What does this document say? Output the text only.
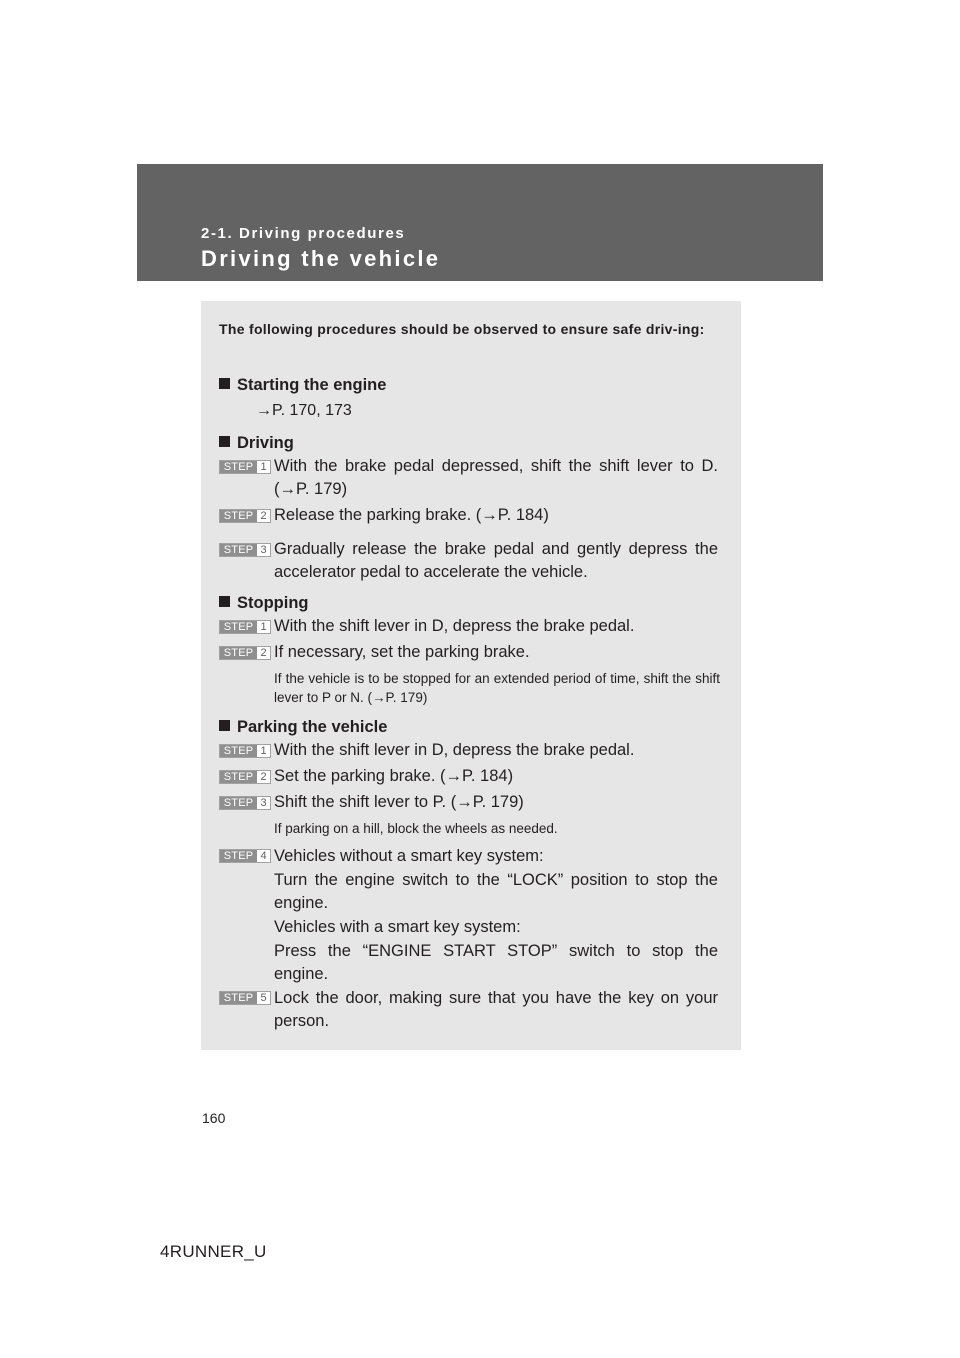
2-1. Driving procedures
Driving the vehicle

The following procedures should be observed to ensure safe driv-ing:

Starting the engine
→P. 170, 173
Driving
STEP 1 With the brake pedal depressed, shift the shift lever to D. (→P. 179)

STEP 2 Release the parking brake. (→P. 184)

STEP 3 Gradually release the brake pedal and gently depress the accelerator pedal to accelerate the vehicle.

Stopping
STEP 1 With the shift lever in D, depress the brake pedal.

STEP 2 If necessary, set the parking brake.

If the vehicle is to be stopped for an extended period of time, shift the shift lever to P or N. (→P. 179)

Parking the vehicle
STEP 1 With the shift lever in D, depress the brake pedal.

STEP 2 Set the parking brake. (→P. 184)

STEP 3 Shift the shift lever to P. (→P. 179)

If parking on a hill, block the wheels as needed.

STEP 4 Vehicles without a smart key system:

Turn the engine switch to the “LOCK” position to stop the engine.

Vehicles with a smart key system:

Press the “ENGINE START STOP” switch to stop the engine.

STEP 5 Lock the door, making sure that you have the key on your person.

160
4RUNNER_U
